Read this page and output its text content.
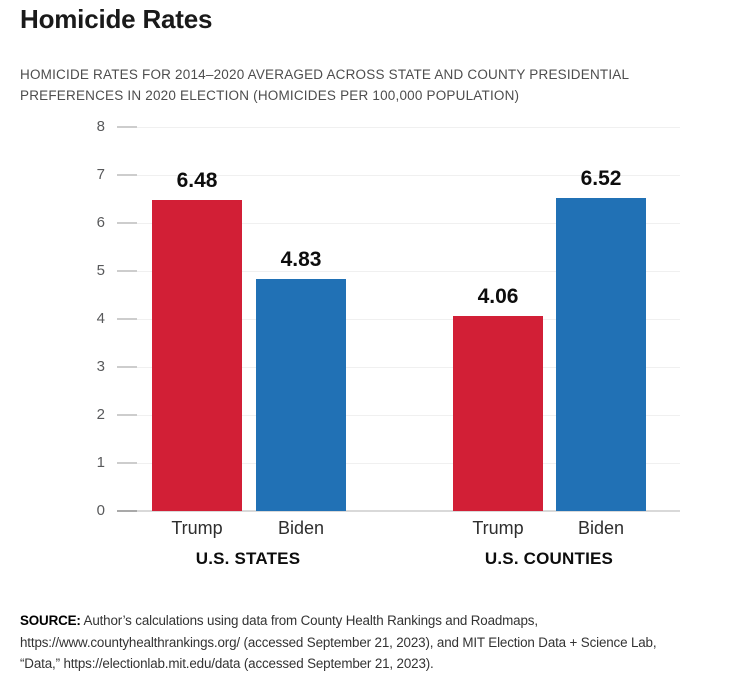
Homicide Rates
HOMICIDE RATES FOR 2014–2020 AVERAGED ACROSS STATE AND COUNTY PRESIDENTIAL
PREFERENCES IN 2020 ELECTION (HOMICIDES PER 100,000 POPULATION)
0
1
2
3
4
5
6
7
8
6.48
Trump
4.83
Biden
U.S. STATES
4.06
Trump
6.52
Biden
U.S. COUNTIES

SOURCE: Author’s calculations using data from County Health Rankings and Roadmaps,
https://www.countyhealthrankings.org/ (accessed September 21, 2023), and MIT Election Data + Science Lab,
“Data,” https://electionlab.mit.edu/data (accessed September 21, 2023).
